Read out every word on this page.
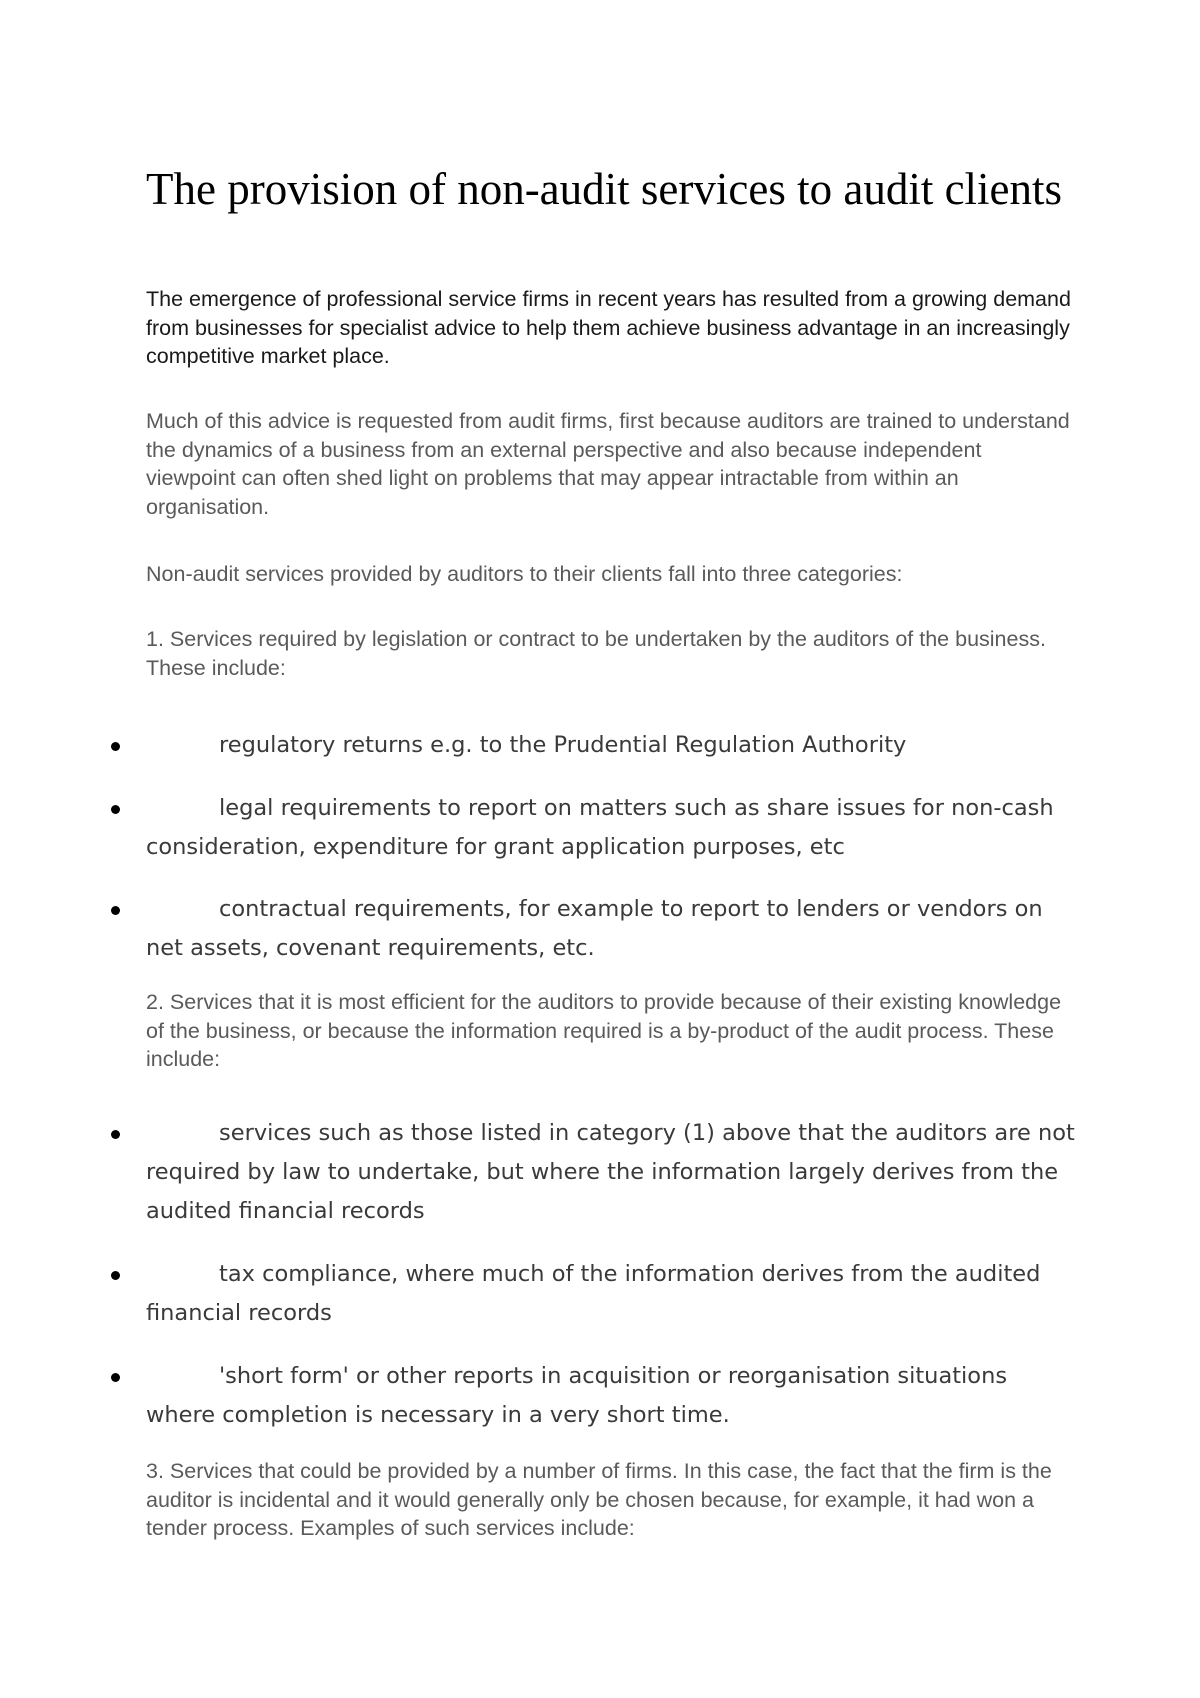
The provision of non-audit services to audit clients

The emergence of professional service firms in recent years has resulted from a growing demand from businesses for specialist advice to help them achieve business advantage in an increasingly competitive market place.

Much of this advice is requested from audit firms, first because auditors are trained to understand the dynamics of a business from an external perspective and also because independent viewpoint can often shed light on problems that may appear intractable from within an organisation.

Non-audit services provided by auditors to their clients fall into three categories:

1. Services required by legislation or contract to be undertaken by the auditors of the business. These include:

regulatory returns e.g. to the Prudential Regulation Authority

legal requirements to report on matters such as share issues for non-cash consideration, expenditure for grant application purposes, etc

contractual requirements, for example to report to lenders or vendors on net assets, covenant requirements, etc.

2. Services that it is most efficient for the auditors to provide because of their existing knowledge of the business, or because the information required is a by-product of the audit process. These include:

services such as those listed in category (1) above that the auditors are not required by law to undertake, but where the information largely derives from the audited financial records

tax compliance, where much of the information derives from the audited financial records

'short form' or other reports in acquisition or reorganisation situations where completion is necessary in a very short time.

3. Services that could be provided by a number of firms. In this case, the fact that the firm is the auditor is incidental and it would generally only be chosen because, for example, it had won a tender process. Examples of such services include:
